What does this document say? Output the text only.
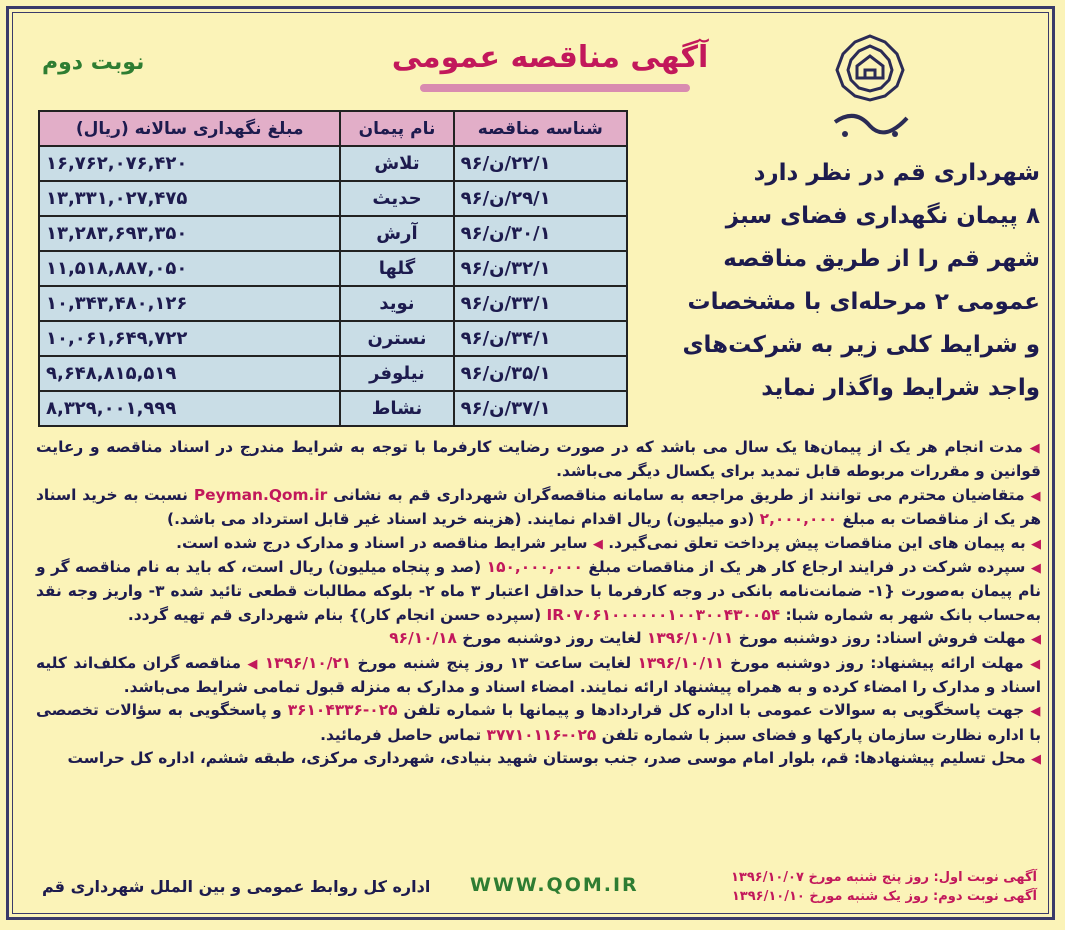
نوبت دوم	آگهی مناقصه عمومی
شهرداری قم در نظر دارد
۸ پیمان نگهداری فضای سبز
شهر قم را از طریق مناقصه
عمومی ۲ مرحله‌ای با مشخصات
و شرایط کلی زیر به شرکت‌های
واجد شرایط واگذار نماید
شناسه مناقصه	نام پیمان	مبلغ نگهداری سالانه (ریال)
۲۲/۱/ن/۹۶	تلاش	۱۶,۷۶۲,۰۷۶,۴۲۰
۲۹/۱/ن/۹۶	حدیث	۱۳,۳۳۱,۰۲۷,۴۷۵
۳۰/۱/ن/۹۶	آرش	۱۳,۲۸۳,۶۹۳,۳۵۰
۳۲/۱/ن/۹۶	گلها	۱۱,۵۱۸,۸۸۷,۰۵۰
۳۳/۱/ن/۹۶	نوید	۱۰,۳۴۳,۴۸۰,۱۲۶
۳۴/۱/ن/۹۶	نسترن	۱۰,۰۶۱,۶۴۹,۷۲۲
۳۵/۱/ن/۹۶	نیلوفر	۹,۶۴۸,۸۱۵,۵۱۹
۳۷/۱/ن/۹۶	نشاط	۸,۳۲۹,۰۰۱,۹۹۹

◀ مدت انجام هر یک از پیمان‌ها یک سال می باشد که در صورت رضایت کارفرما با توجه به شرایط مندرج در اسناد مناقصه و رعایت قوانین و مقررات مربوطه قابل تمدید برای یکسال دیگر می‌باشد.

◀ متقاضیان محترم می توانند از طریق مراجعه به سامانه مناقصه‌گران شهرداری قم به نشانی Peyman.Qom.ir نسبت به خرید اسناد هر یک از مناقصات به مبلغ ۲,۰۰۰,۰۰۰ (دو میلیون) ریال اقدام نمایند. (هزینه خرید اسناد غیر قابل استرداد می باشد.)

◀ به پیمان های این مناقصات پیش پرداخت تعلق نمی‌گیرد. ◀ سایر شرایط مناقصه در اسناد و مدارک درج شده است.

◀ سپرده شرکت در فرایند ارجاع کار هر یک از مناقصات مبلغ ۱۵۰,۰۰۰,۰۰۰ (صد و پنجاه میلیون) ریال است، که باید به نام مناقصه گر و نام پیمان به‌صورت {۱- ضمانت‌نامه بانکی در وجه کارفرما با حداقل اعتبار ۳ ماه ۲- بلوکه مطالبات قطعی تائید شده ۳- واریز وجه نقد به‌حساب بانک شهر به شماره شبا: IR۰۷۰۶۱۰۰۰۰۰۰۱۰۰۳۰۰۴۳۰۰۵۴ (سپرده حسن انجام کار)} بنام شهرداری قم تهیه گردد.

◀ مهلت فروش اسناد: روز دوشنبه مورخ ۱۳۹۶/۱۰/۱۱ لغایت روز دوشنبه مورخ ۹۶/۱۰/۱۸

◀ مهلت ارائه پیشنهاد: روز دوشنبه مورخ ۱۳۹۶/۱۰/۱۱ لغایت ساعت ۱۳ روز پنج شنبه مورخ ۱۳۹۶/۱۰/۲۱ ◀ مناقصه گران مکلف‌اند کلیه اسناد و مدارک را امضاء کرده و به همراه پیشنهاد ارائه نمایند. امضاء اسناد و مدارک به منزله قبول تمامی شرایط می‌باشد.

◀ جهت پاسخگویی به سوالات عمومی با اداره کل قراردادها و پیمانها با شماره تلفن ۰۲۵-۳۶۱۰۴۳۳۶ و پاسخگویی به سؤالات تخصصی با اداره نظارت سازمان پارکها و فضای سبز با شماره تلفن ۰۲۵-۳۷۷۱۰۱۱۶ تماس حاصل فرمائید.

◀ محل تسلیم پیشنهادها: قم، بلوار امام موسی صدر، جنب بوستان شهید بنیادی، شهرداری مرکزی، طبقه ششم، اداره کل حراست

اداره کل روابط عمومی و بین الملل شهرداری قم WWW.QOM.IR	آگهی نوبت اول: روز پنج شنبه مورخ ۱۳۹۶/۱۰/۰۷
آگهی نوبت دوم: روز یک شنبه مورخ ۱۳۹۶/۱۰/۱۰
